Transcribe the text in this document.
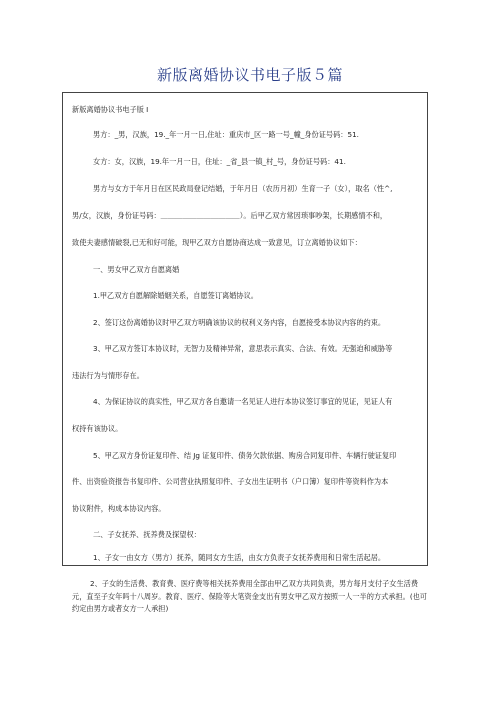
新版离婚协议书电子版５篇
新版离婚协议书电子版 I
男方：_男，汉族，19._年一月一日,住址：重庆市_区一路一号_幢_身份证号码：51.
女方：女，汉族，19.年一月一日，住址：_省_县一镇_村_号，身份证号码：41.
男方与女方于年月日在区民政局登记结婚，于年月日（农历月初）生育一子（女），取名（性^,
男/女，汉族，身份证号码：＿＿＿＿＿＿＿＿＿＿＿）。后甲乙双方常因琐事吵架，长期感情不和，
致使夫妻感情破裂,已无和好可能，现甲乙双方自愿协商达成一致意见，订立离婚协议如下：
一、男女甲乙双方自愿离婚
1.甲乙双方自愿解除婚姻关系，自愿签订离婚协议。
2、签订这份离婚协议时甲乙双方明确该协议的权利义务内容，自愿接受本协议内容的约束。
3、甲乙双方签订本协议时，无智力及精神异常，意思表示真实、合法、有效。无强迫和威胁等
违法行为与情形存在。
4、为保证协议的真实性，甲乙双方各自邀请一名见证人进行本协议签订事宜的见证，见证人有
权持有该协议。
5、甲乙双方身份证复印件、结 Jg 证复印件、债务欠款依据、购房合同复印件、车辆行驶证复印
件、出资验资报告书复印件、公司营业执照复印件、子女出生证明书（户口簿）复印件等资料作为本
协议附件，构成本协议内容。
二、子女抚养、抚养费及探望权：
1、子女一由女方（男方）抚养，随同女方生活，由女方负责子女抚养费用和日常生活起居。
2、子女的生活费、教育费、医疗费等相关抚养费用全部由甲乙双方共同负责，男方每月支付子女生活费元，直至子女年吗十八周岁。教育、医疗、保险等大笔资金支出有男女甲乙双方按照一人一半的方式承担。(也可约定由男方或者女方一人承担)
